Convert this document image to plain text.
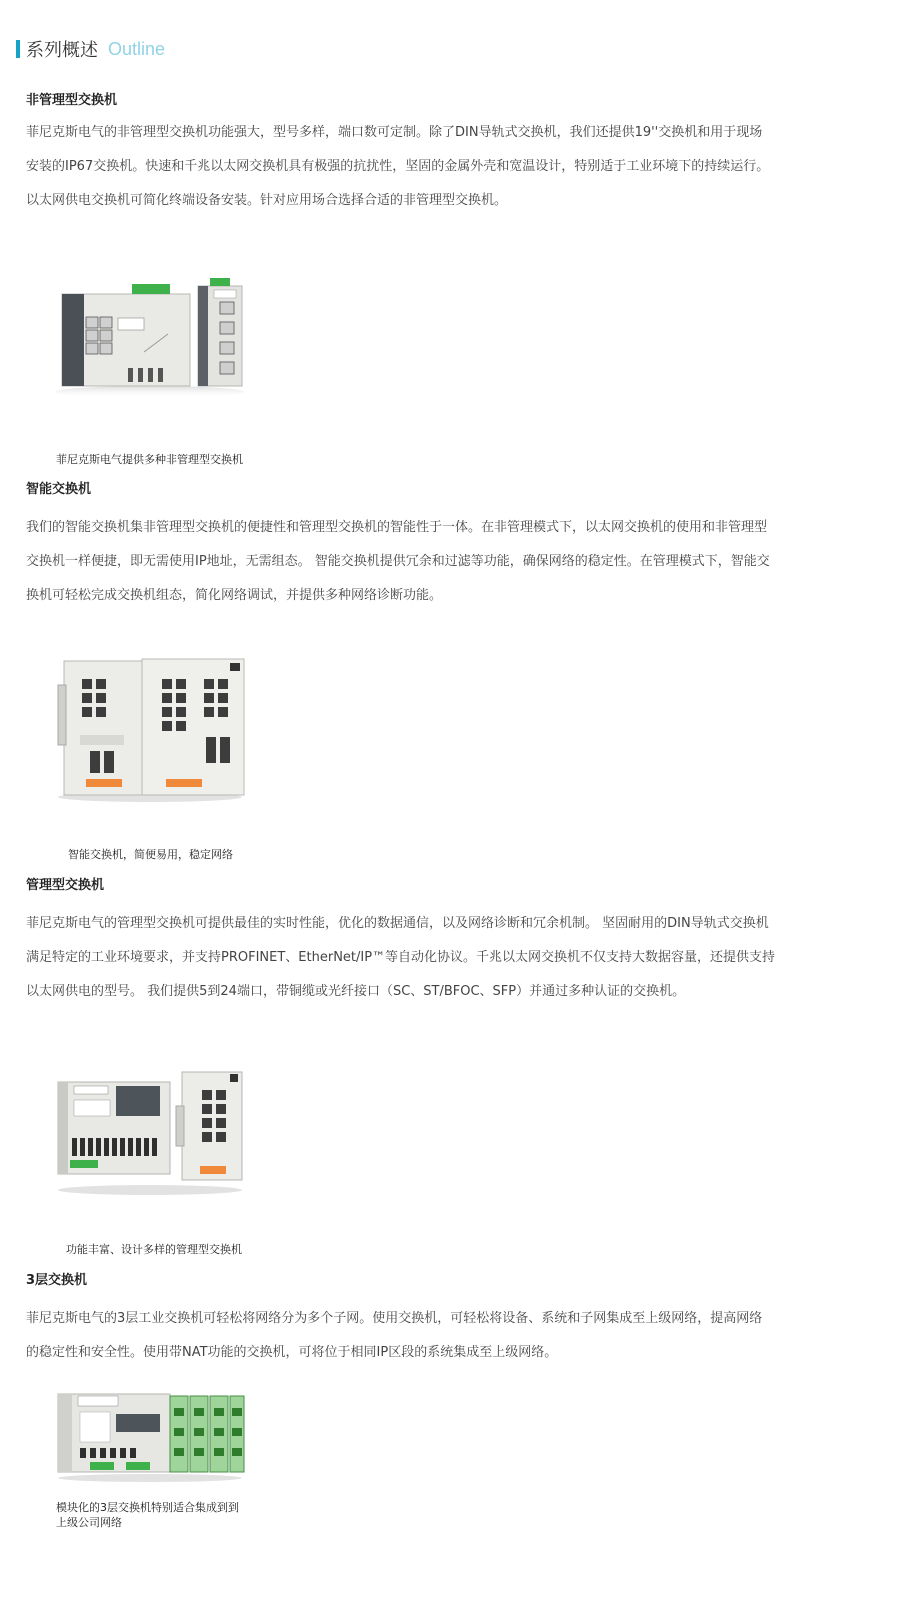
系列概述 Outline
非管理型交换机

菲尼克斯电气的非管理型交换机功能强大，型号多样，端口数可定制。除了DIN导轨式交换机，我们还提供19''交换机和用于现场

安装的IP67交换机。快速和千兆以太网交换机具有极强的抗扰性，坚固的金属外壳和宽温设计，特别适于工业环境下的持续运行。

以太网供电交换机可简化终端设备安装。针对应用场合选择合适的非管理型交换机。

菲尼克斯电气提供多种非管理型交换机
智能交换机

我们的智能交换机集非管理型交换机的便捷性和管理型交换机的智能性于一体。在非管理模式下，以太网交换机的使用和非管理型

交换机一样便捷，即无需使用IP地址，无需组态。 智能交换机提供冗余和过滤等功能，确保网络的稳定性。在管理模式下，智能交

换机可轻松完成交换机组态，简化网络调试，并提供多种网络诊断功能。

智能交换机，简便易用，稳定网络
管理型交换机

菲尼克斯电气的管理型交换机可提供最佳的实时性能，优化的数据通信，以及网络诊断和冗余机制。 坚固耐用的DIN导轨式交换机

满足特定的工业环境要求，并支持PROFINET、EtherNet/IP™等自动化协议。千兆以太网交换机不仅支持大数据容量，还提供支持

以太网供电的型号。 我们提供5到24端口，带铜缆或光纤接口（SC、ST/BFOC、SFP）并通过多种认证的交换机。

功能丰富、设计多样的管理型交换机
3层交换机

菲尼克斯电气的3层工业交换机可轻松将网络分为多个子网。使用交换机，可轻松将设备、系统和子网集成至上级网络，提高网络

的稳定性和安全性。使用带NAT功能的交换机，可将位于相同IP区段的系统集成至上级网络。

模块化的3层交换机特别适合集成到到
上级公司网络
